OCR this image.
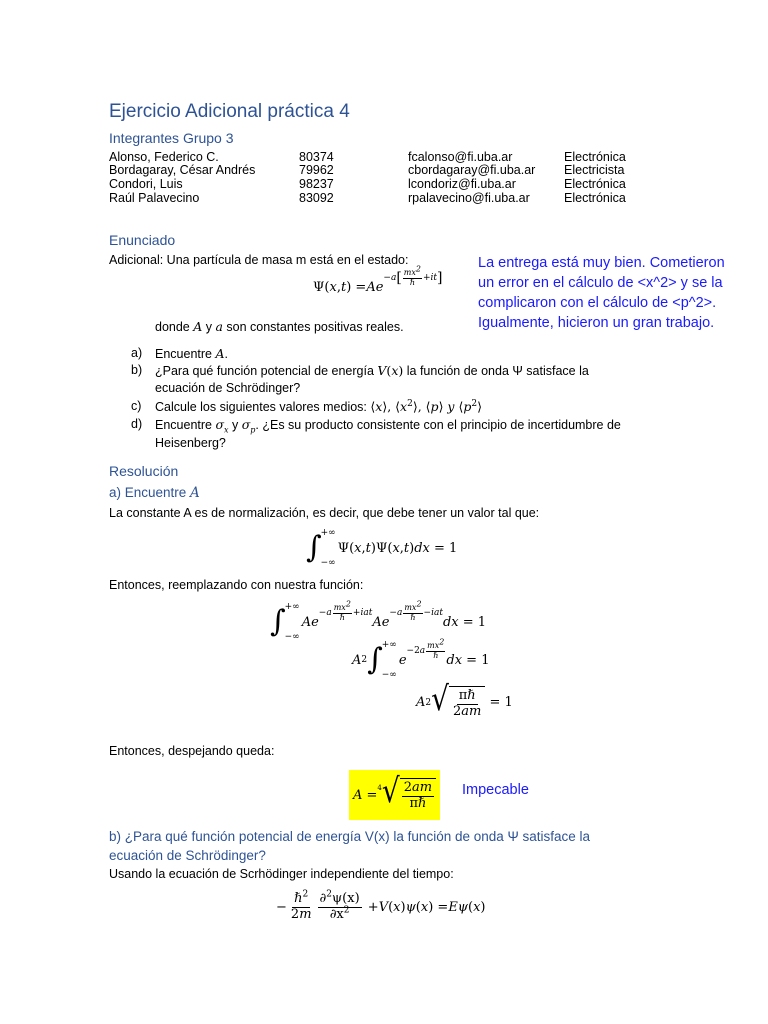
Ejercicio Adicional práctica 4
Integrantes Grupo 3
Alonso, Federico C.	80374	fcalonso@fi.uba.ar	Electrónica
Bordagaray, César Andrés	79962	cbordagaray@fi.uba.ar Electricista
Condori, Luis	98237	lcondoriz@fi.uba.ar	Electrónica
Raúl Palavecino	83092	rpalavecino@fi.uba.ar	Electrónica
Enunciado
Adicional: Una partícula de masa m está en el estado:
Ψ( x , t ) = Ae
−a [ $mx^2$
ℏ + it ]
donde A y a son constantes positivas reales.
a) Encuentre A.
b) ¿Para qué función potencial de energía V(x) la función de onda Ψ satisface la
ecuación de Schrödinger?
c) Calcule los siguientes valores medios: ⟨x⟩, $⟨x^2⟩$, ⟨p⟩ y $⟨p^2⟩$
d) Encuentre $\sigma_x$ y $\sigma_p$. ¿Es su producto consistente con el principio de incertidumbre de
Heisenberg?
La entrega está muy bien. Cometieron un error en el cálculo de <x^2> y se la complicaron con el cálculo de <p^2>. Igualmente, hicieron un gran trabajo.
Resolución
a) Encuentre A
La constante A es de normalización, es decir, que debe tener un valor tal que:
∫ +∞
−∞
Ψ( x , t )Ψ( x , t ) dx = 1
Entonces, reemplazando con nuestra función:
∫ +∞
−∞
Ae
−a
$mx^2$
ℏ + iat
Ae
−a
$mx^2$
ℏ − iat
dx = 1
A 2 ∫ +∞
−∞
e
− 2 a
$mx^2$
ℏ dx = 1
A 2 √ $\frac{\text{πℏ}}{2am} = 1$
Entonces, despejando queda:
A = 4 √ $\frac{2am}{\text{πℏ}}$ Impecable
b) ¿Para qué función potencial de energía V(x) la función de onda Ψ satisface la
ecuación de Schrödinger?
Usando la ecuación de Scrhödinger independiente del tiempo:
− $\frac{\hbar^2}{2m} \frac{\partial^2\psi(x)}{\partial x^2} + V$ ( x ) ψ ( x ) = Eψ ( x )
